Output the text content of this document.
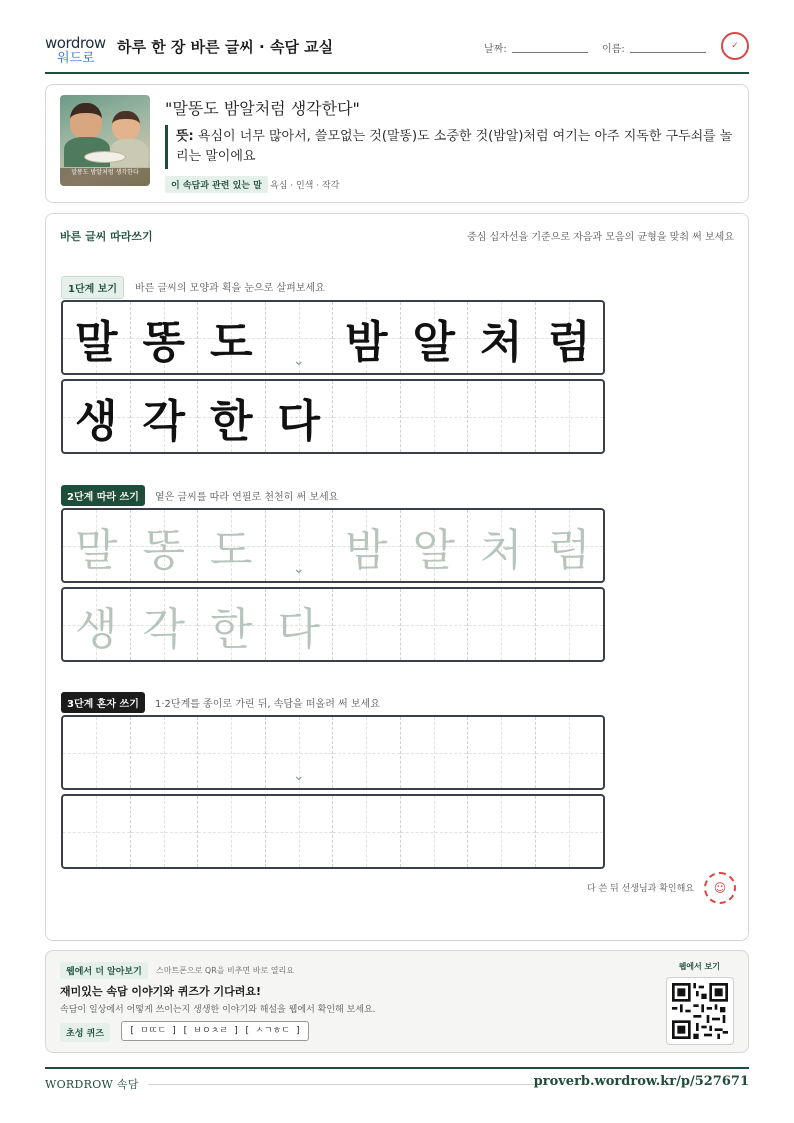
wordrow
워드로
하루 한 장 바른 글씨 · 속담 교실	날짜:	이름:	✓
말똥도 밤알처럼 생각한다
"말똥도 밤알처럼 생각한다"
뜻: 욕심이 너무 많아서, 쓸모없는 것(말똥)도 소중한 것(밤알)처럼 여기는 아주 지독한 구두쇠를 놀리는 말이에요
이 속담과 관련 있는 말 욕심 · 인색 · 작각
바른 글씨 따라쓰기	중심 십자선을 기준으로 자음과 모음의 균형을 맞춰 써 보세요
1단계 보기	바른 글씨의 모양과 획을 눈으로 살펴보세요
말 똥 도	⌄ 밤 알 처 럼
생 각 한 다
2단계 따라 쓰기	옅은 글씨를 따라 연필로 천천히 써 보세요
말 똥 도	⌄ 밤 알 처 럼
생 각 한 다
3단계 혼자 쓰기	1·2단계를 종이로 가린 뒤, 속담을 떠올려 써 보세요
⌄
다 쓴 뒤 선생님과 확인해요	☺
웹에서 더 알아보기	스마트폰으로 QR을 비추면 바로 열리요
재미있는 속담 이야기와 퀴즈가 기다려요!
속담이 일상에서 어떻게 쓰이는지 생생한 이야기와 해설을 웹에서 확인해 보세요.
초성 퀴즈	[ ㅁㄸㄷ ] [ ㅂㅇㅊㄹ ] [ ㅅㄱㅎㄷ ]
웹에서 보기
WORDROW 속담	proverb.wordrow.kr/p/527671
